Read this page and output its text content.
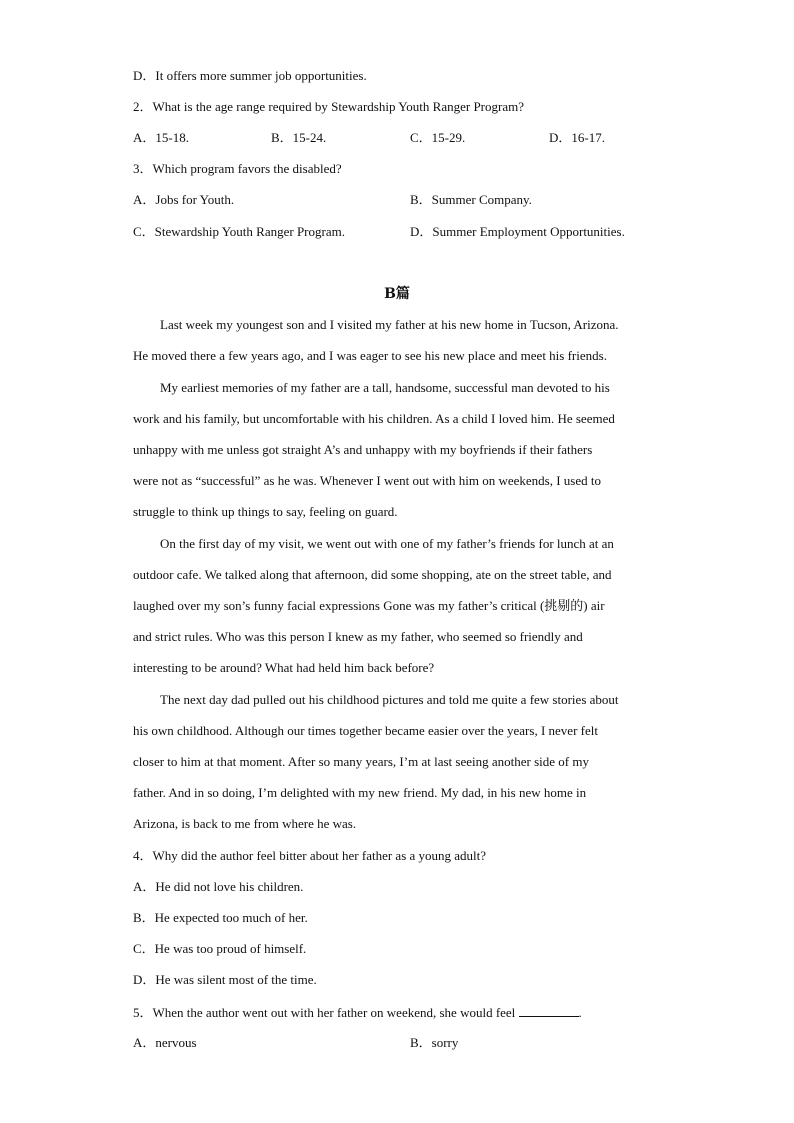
D．It offers more summer job opportunities.
2．What is the age range required by Stewardship Youth Ranger Program?
A．15-18.	B．15-24.	C．15-29.	D．16-17.
3．Which program favors the disabled?
A．Jobs for Youth.	B．Summer Company.
C．Stewardship Youth Ranger Program.	D．Summer Employment Opportunities.
B篇
Last week my youngest son and I visited my father at his new home in Tucson, Arizona.
He moved there a few years ago, and I was eager to see his new place and meet his friends.
My earliest memories of my father are a tall, handsome, successful man devoted to his
work and his family, but uncomfortable with his children. As a child I loved him. He seemed
unhappy with me unless got straight A’s and unhappy with my boyfriends if their fathers
were not as “successful” as he was. Whenever I went out with him on weekends, I used to
struggle to think up things to say, feeling on guard.
On the first day of my visit, we went out with one of my father’s friends for lunch at an
outdoor cafe. We talked along that afternoon, did some shopping, ate on the street table, and
laughed over my son’s funny facial expressions Gone was my father’s critical (挑剔的) air
and strict rules. Who was this person I knew as my father, who seemed so friendly and
interesting to be around? What had held him back before?
The next day dad pulled out his childhood pictures and told me quite a few stories about
his own childhood. Although our times together became easier over the years, I never felt
closer to him at that moment. After so many years, I’m at last seeing another side of my
father. And in so doing, I’m delighted with my new friend. My dad, in his new home in
Arizona, is back to me from where he was.
4．Why did the author feel bitter about her father as a young adult?
A．He did not love his children.
B．He expected too much of her.
C．He was too proud of himself.
D．He was silent most of the time.
5．When the author went out with her father on weekend, she would feel	.
A．nervous	B．sorry
